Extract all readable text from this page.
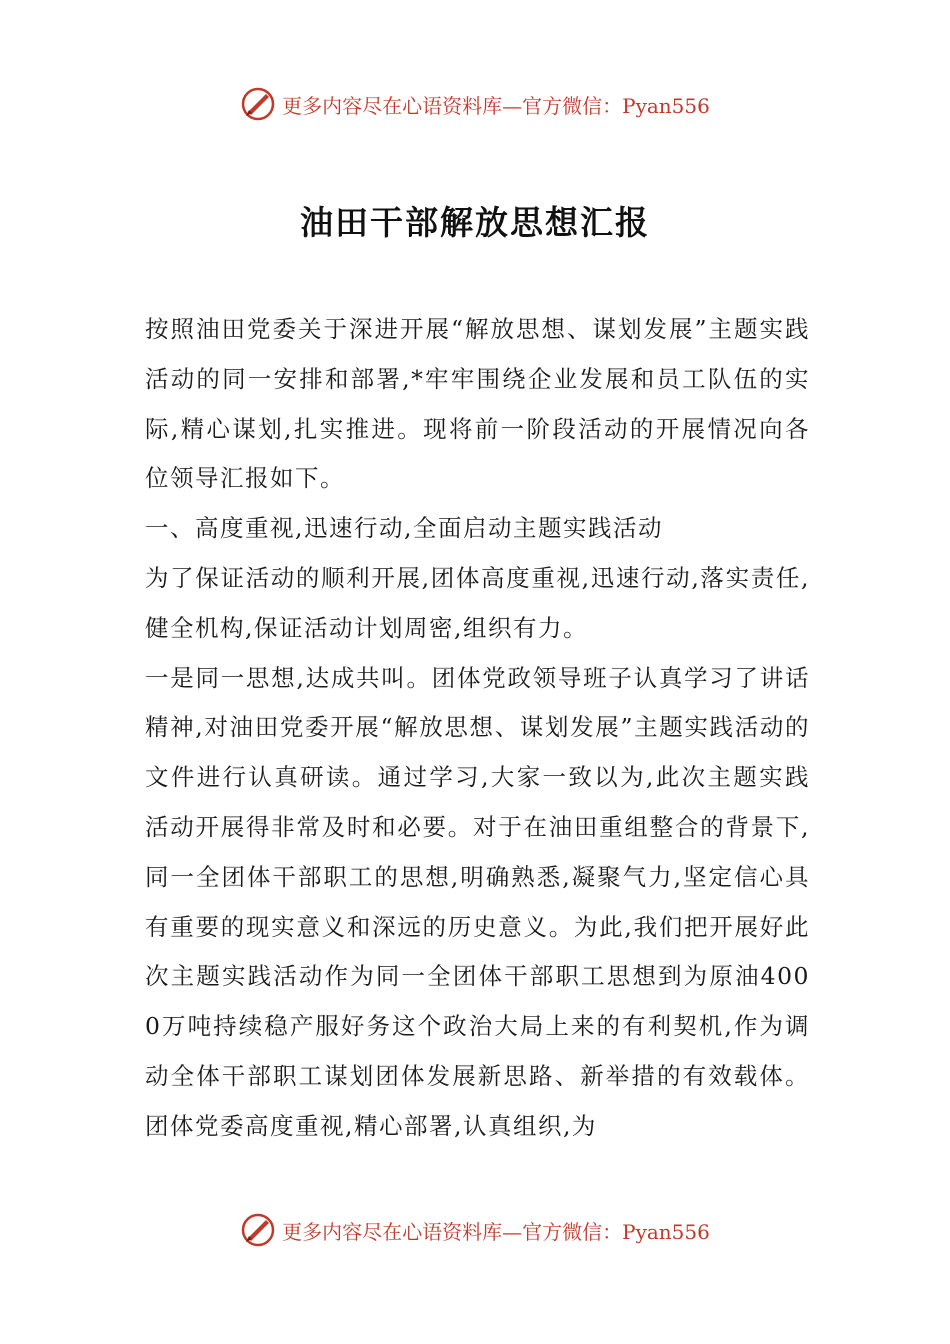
更多内容尽在心语资料库—官方微信：Pyan556
油田干部解放思想汇报

按照油田党委关于深进开展“解放思想、谋划发展”主题实践活动的同一安排和部署,*牢牢围绕企业发展和员工队伍的实际,精心谋划,扎实推进。现将前一阶段活动的开展情况向各位领导汇报如下。

一、高度重视,迅速行动,全面启动主题实践活动

为了保证活动的顺利开展,团体高度重视,迅速行动,落实责任,健全机构,保证活动计划周密,组织有力。

一是同一思想,达成共叫。团体党政领导班子认真学习了讲话精神,对油田党委开展“解放思想、谋划发展”主题实践活动的文件进行认真研读。通过学习,大家一致以为,此次主题实践活动开展得非常及时和必要。对于在油田重组整合的背景下,同一全团体干部职工的思想,明确熟悉,凝聚气力,坚定信心具有重要的现实意义和深远的历史意义。为此,我们把开展好此次主题实践活动作为同一全团体干部职工思想到为原油4000万吨持续稳产服好务这个政治大局上来的有利契机,作为调动全体干部职工谋划团体发展新思路、新举措的有效载体。团体党委高度重视,精心部署,认真组织,为

更多内容尽在心语资料库—官方微信：Pyan556
